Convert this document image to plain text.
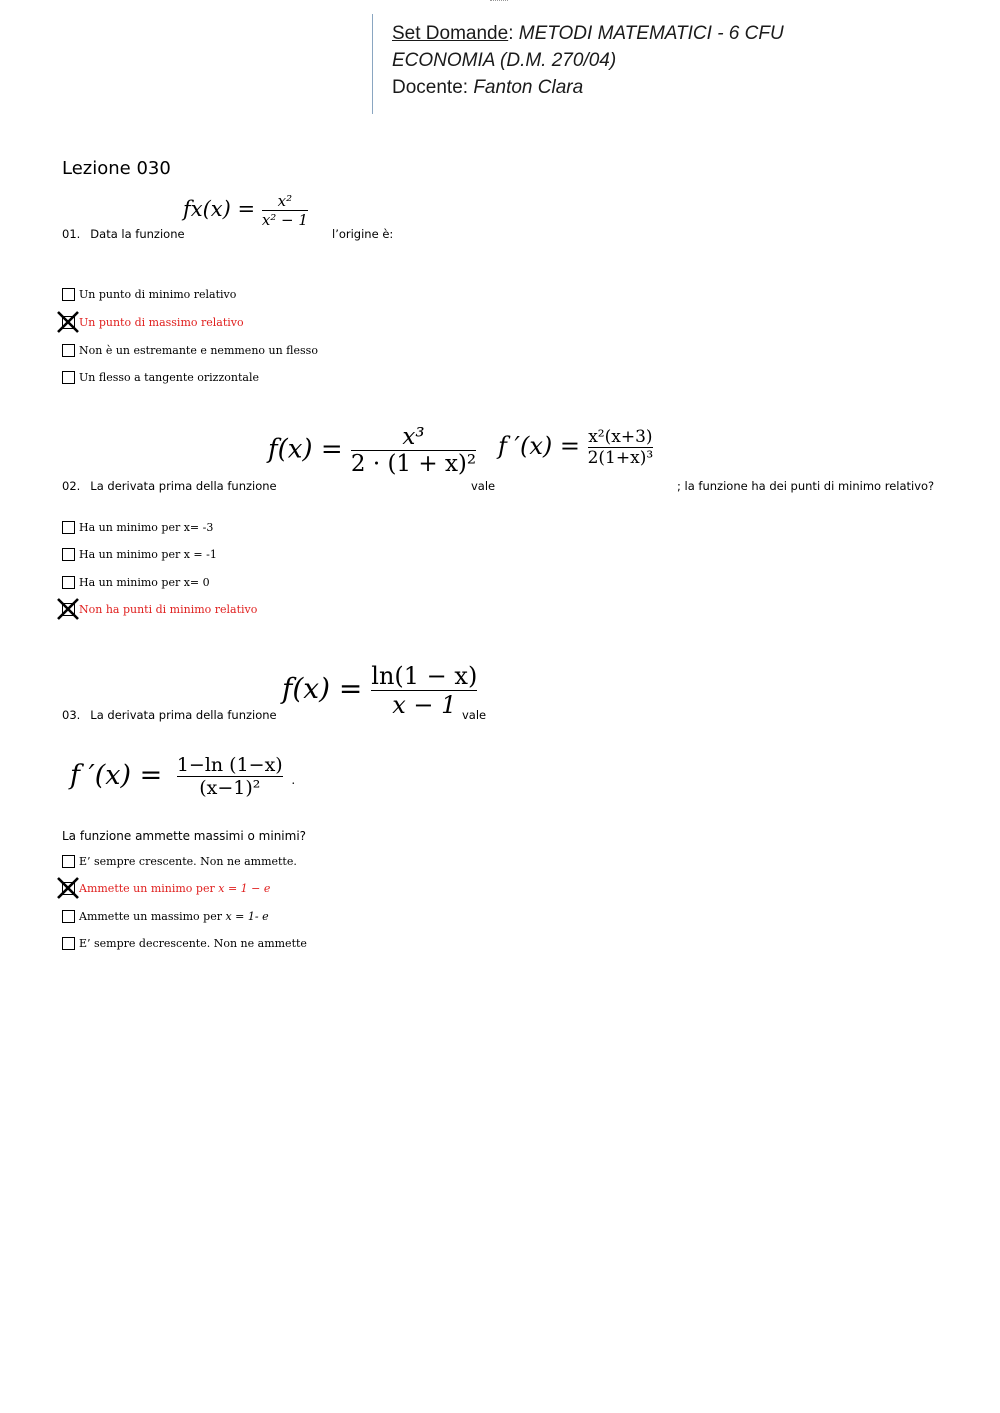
Set Domande: METODI MATEMATICI - 6 CFU
ECONOMIA (D.M. 270/04)
Docente: Fanton Clara
Lezione 030
01. Data la funzione
$fx(x) = \frac{\text{x²}}{\text{x² − 1}}$
l’origine è:
Un punto di minimo relativo
Un punto di massimo relativo
Non è un estremante e nemmeno un flesso
Un flesso a tangente orizzontale
02. La derivata prima della funzione
$f(x) = \frac{\text{x³}}{\text{2 · (1 + x)²}}$
vale
f $'(x) = \frac{\text{x²(x+3)}}{\text{2(1+x)³}}$
; la funzione ha dei punti di minimo relativo?
Ha un minimo per x= -3
Ha un minimo per x = -1
Ha un minimo per x= 0
Non ha punti di minimo relativo
03. La derivata prima della funzione
$f(x) = \frac{\ln(1 - x)}{x - 1}$
vale
f $'(x) = \frac{1-\ln (1-x)}{\text{(x−1)²}}$ .
La funzione ammette massimi o minimi?
E’ sempre crescente. Non ne ammette.
Ammette un minimo per
x = 1 − e
Ammette un massimo per
x = 1- e
E’ sempre decrescente. Non ne ammette
